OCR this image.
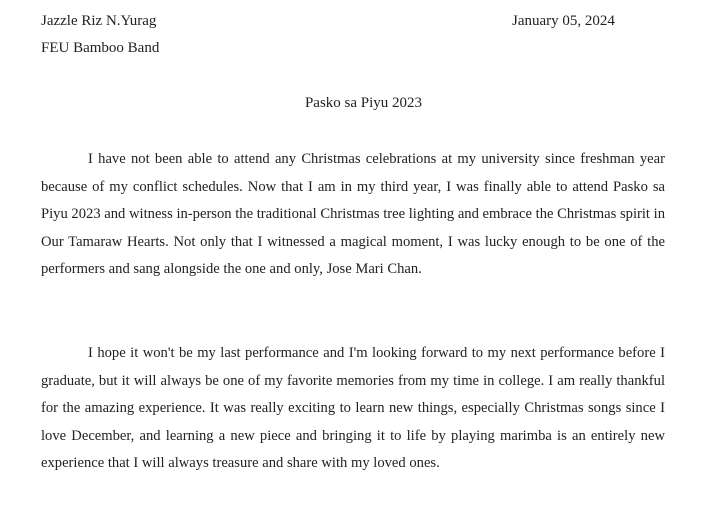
Jazzle Riz N.Yurag	January 05, 2024
FEU Bamboo Band
Pasko sa Piyu 2023

I have not been able to attend any Christmas celebrations at my university since freshman year because of my conflict schedules. Now that I am in my third year, I was finally able to attend Pasko sa Piyu 2023 and witness in-person the traditional Christmas tree lighting and embrace the Christmas spirit in Our Tamaraw Hearts. Not only that I witnessed a magical moment, I was lucky enough to be one of the performers and sang alongside the one and only, Jose Mari Chan.

I hope it won't be my last performance and I'm looking forward to my next performance before I graduate, but it will always be one of my favorite memories from my time in college. I am really thankful for the amazing experience. It was really exciting to learn new things, especially Christmas songs since I love December, and learning a new piece and bringing it to life by playing marimba is an entirely new experience that I will always treasure and share with my loved ones.
